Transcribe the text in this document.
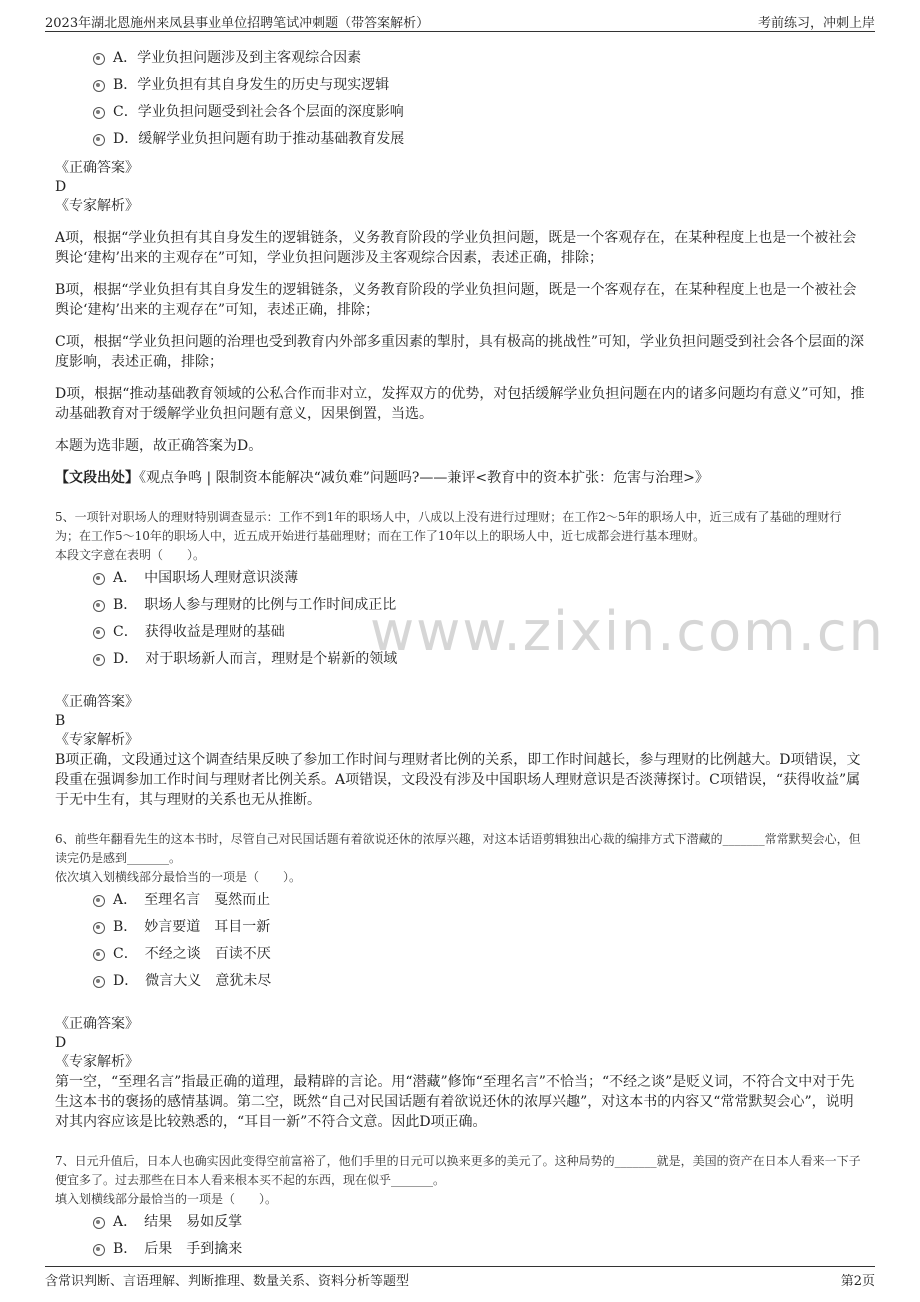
2023年湖北恩施州来凤县事业单位招聘笔试冲刺题（带答案解析）	考前练习，冲刺上岸
www.zixin.com.cn
A．学业负担问题涉及到主客观综合因素
B．学业负担有其自身发生的历史与现实逻辑
C．学业负担问题受到社会各个层面的深度影响
D．缓解学业负担问题有助于推动基础教育发展
《正确答案》
D
《专家解析》
A项，根据“学业负担有其自身发生的逻辑链条，义务教育阶段的学业负担问题，既是一个客观存在，在某种程度上也是一个被社会舆论‘建构’出来的主观存在”可知，学业负担问题涉及主客观综合因素，表述正确，排除；
B项，根据“学业负担有其自身发生的逻辑链条，义务教育阶段的学业负担问题，既是一个客观存在，在某种程度上也是一个被社会舆论‘建构’出来的主观存在”可知，表述正确，排除；
C项，根据“学业负担问题的治理也受到教育内外部多重因素的掣肘，具有极高的挑战性”可知，学业负担问题受到社会各个层面的深度影响，表述正确，排除；
D项，根据“推动基础教育领域的公私合作而非对立，发挥双方的优势，对包括缓解学业负担问题在内的诸多问题均有意义”可知，推动基础教育对于缓解学业负担问题有意义，因果倒置，当选。
本题为选非题，故正确答案为D。
【文段出处】《观点争鸣 | 限制资本能解决“减负难”问题吗?——兼评<教育中的资本扩张：危害与治理>》
5、一项针对职场人的理财特别调查显示：工作不到1年的职场人中，八成以上没有进行过理财；在工作2～5年的职场人中，近三成有了基础的理财行为；在工作5～10年的职场人中，近五成开始进行基础理财；而在工作了10年以上的职场人中，近七成都会进行基本理财。
本段文字意在表明（　　）。
A．　中国职场人理财意识淡薄
B．　职场人参与理财的比例与工作时间成正比
C．　获得收益是理财的基础
D．　对于职场新人而言，理财是个崭新的领域
《正确答案》
B
《专家解析》
B项正确，文段通过这个调查结果反映了参加工作时间与理财者比例的关系，即工作时间越长，参与理财的比例越大。D项错误，文段重在强调参加工作时间与理财者比例关系。A项错误，文段没有涉及中国职场人理财意识是否淡薄探讨。C项错误，“获得收益”属于无中生有，其与理财的关系也无从推断。
6、前些年翻看先生的这本书时，尽管自己对民国话题有着欲说还休的浓厚兴趣，对这本话语剪辑独出心裁的编排方式下潜藏的_______常常默契会心，但读完仍是感到_______。
依次填入划横线部分最恰当的一项是（　　）。
A．　至理名言　戛然而止
B．　妙言要道　耳目一新
C．　不经之谈　百读不厌
D．　微言大义　意犹未尽
《正确答案》
D
《专家解析》
第一空，“至理名言”指最正确的道理，最精辟的言论。用“潜藏”修饰“至理名言”不恰当；“不经之谈”是贬义词，不符合文中对于先生这本书的褒扬的感情基调。第二空，既然“自己对民国话题有着欲说还休的浓厚兴趣”，对这本书的内容又“常常默契会心”，说明对其内容应该是比较熟悉的，“耳目一新”不符合文意。因此D项正确。
7、日元升值后，日本人也确实因此变得空前富裕了，他们手里的日元可以换来更多的美元了。这种局势的_______就是，美国的资产在日本人看来一下子便宜多了。过去那些在日本人看来根本买不起的东西，现在似乎_______。
填入划横线部分最恰当的一项是（　　）。
A．　结果　易如反掌
B．　后果　手到擒来
含常识判断、言语理解、判断推理、数量关系、资料分析等题型	第2页
